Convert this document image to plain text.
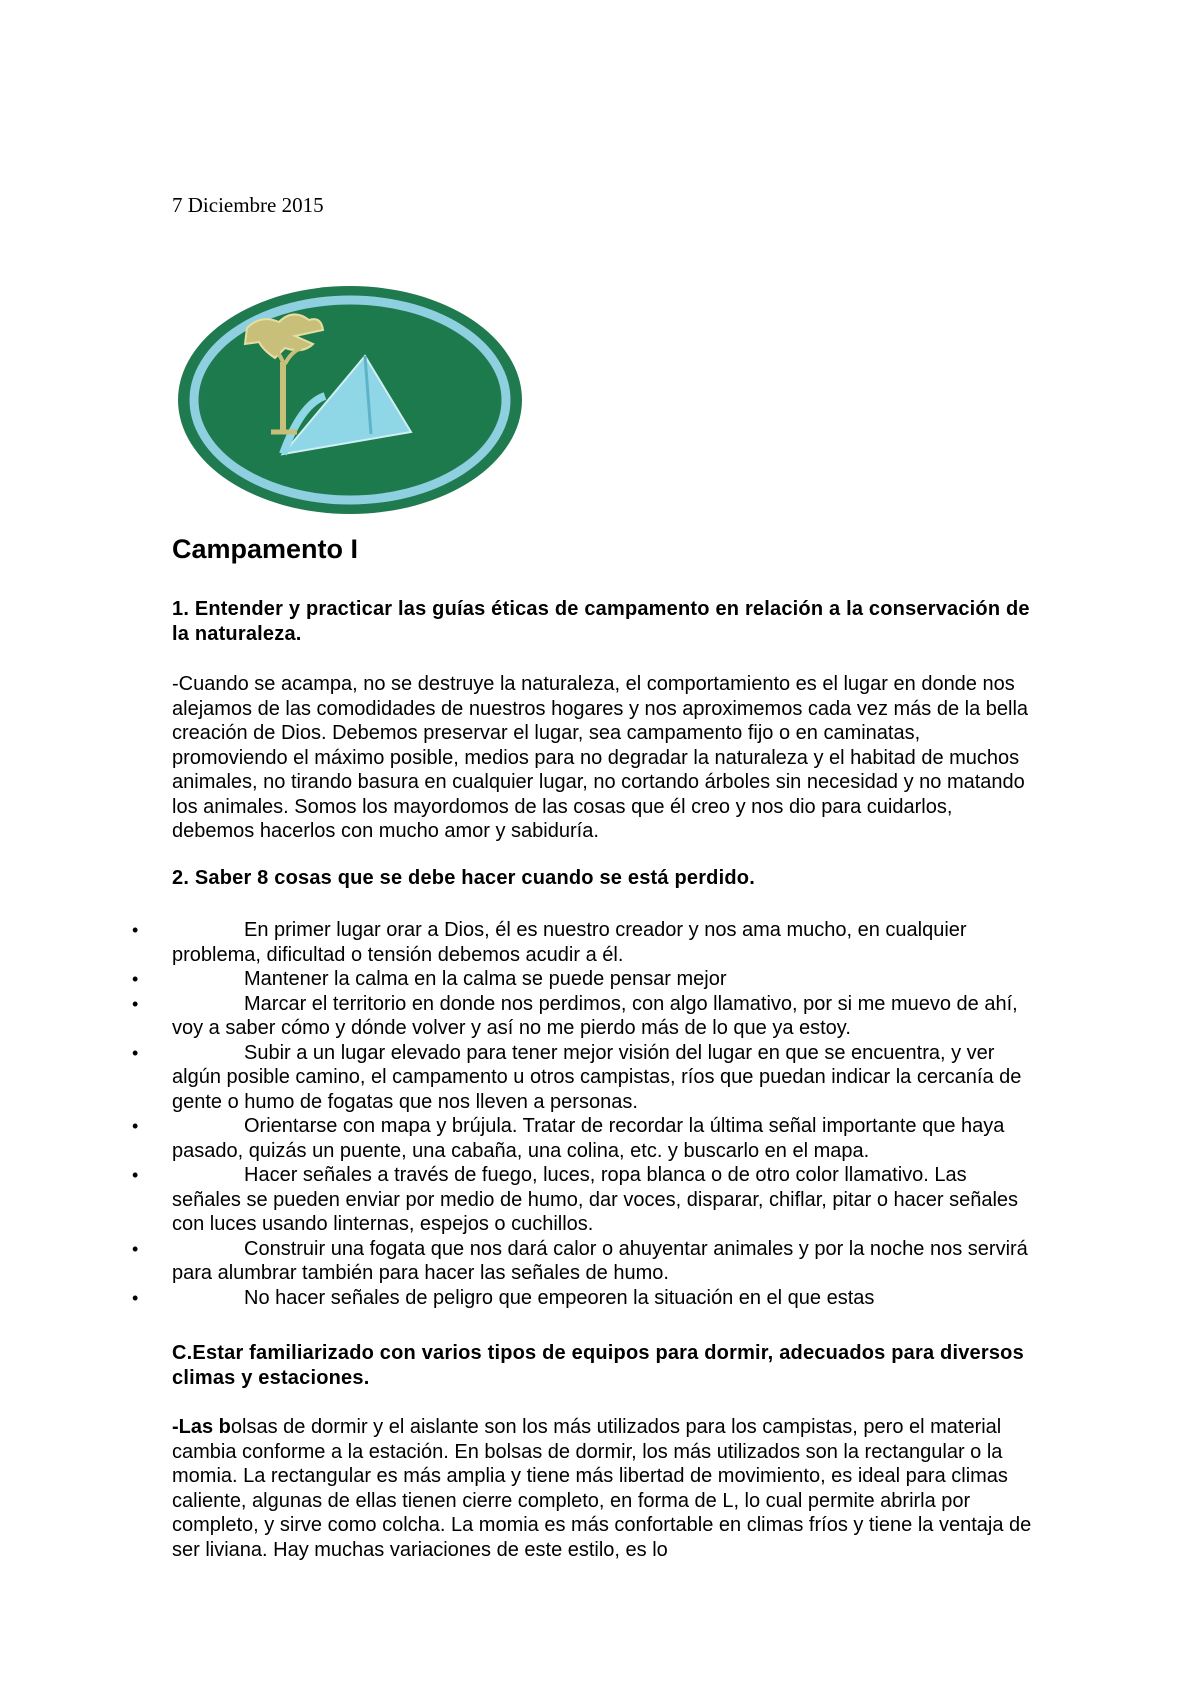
7 Diciembre 2015
Campamento I
1. Entender y practicar las guías éticas de campamento en relación a la conservación de la naturaleza.
-Cuando se acampa, no se destruye la naturaleza, el comportamiento es el lugar en donde nos alejamos de las comodidades de nuestros hogares y nos aproximemos cada vez más de la bella creación de Dios. Debemos preservar el lugar, sea campamento fijo o en caminatas, promoviendo el máximo posible, medios para no degradar la naturaleza y el habitad de muchos animales, no tirando basura en cualquier lugar, no cortando árboles sin necesidad y no matando los animales. Somos los mayordomos de las cosas que él creo y nos dio para cuidarlos, debemos hacerlos con mucho amor y sabiduría.
2. Saber 8 cosas que se debe hacer cuando se está perdido.
•	En primer lugar orar a Dios, él es nuestro creador y nos ama mucho, en cualquier problema, dificultad o tensión debemos acudir a él.
•	Mantener la calma en la calma se puede pensar mejor
•	Marcar el territorio en donde nos perdimos, con algo llamativo, por si me muevo de ahí, voy a saber cómo y dónde volver y así no me pierdo más de lo que ya estoy.
•	Subir a un lugar elevado para tener mejor visión del lugar en que se encuentra, y ver algún posible camino, el campamento u otros campistas, ríos que puedan indicar la cercanía de gente o humo de fogatas que nos lleven a personas.
•	Orientarse con mapa y brújula. Tratar de recordar la última señal importante que haya pasado, quizás un puente, una cabaña, una colina, etc. y buscarlo en el mapa.
•	Hacer señales a través de fuego, luces, ropa blanca o de otro color llamativo. Las señales se pueden enviar por medio de humo, dar voces, disparar, chiflar, pitar o hacer señales con luces usando linternas, espejos o cuchillos.
•	Construir una fogata que nos dará calor o ahuyentar animales y por la noche nos servirá para alumbrar también para hacer las señales de humo.
•	No hacer señales de peligro que empeoren la situación en el que estas
C.Estar familiarizado con varios tipos de equipos para dormir, adecuados para diversos climas y estaciones.
-Las bolsas de dormir y el aislante son los más utilizados para los campistas, pero el material cambia conforme a la estación. En bolsas de dormir, los más utilizados son la rectangular o la momia. La rectangular es más amplia y tiene más libertad de movimiento, es ideal para climas caliente, algunas de ellas tienen cierre completo, en forma de L, lo cual permite abrirla por completo, y sirve como colcha. La momia es más confortable en climas fríos y tiene la ventaja de ser liviana. Hay muchas variaciones de este estilo, es lo
